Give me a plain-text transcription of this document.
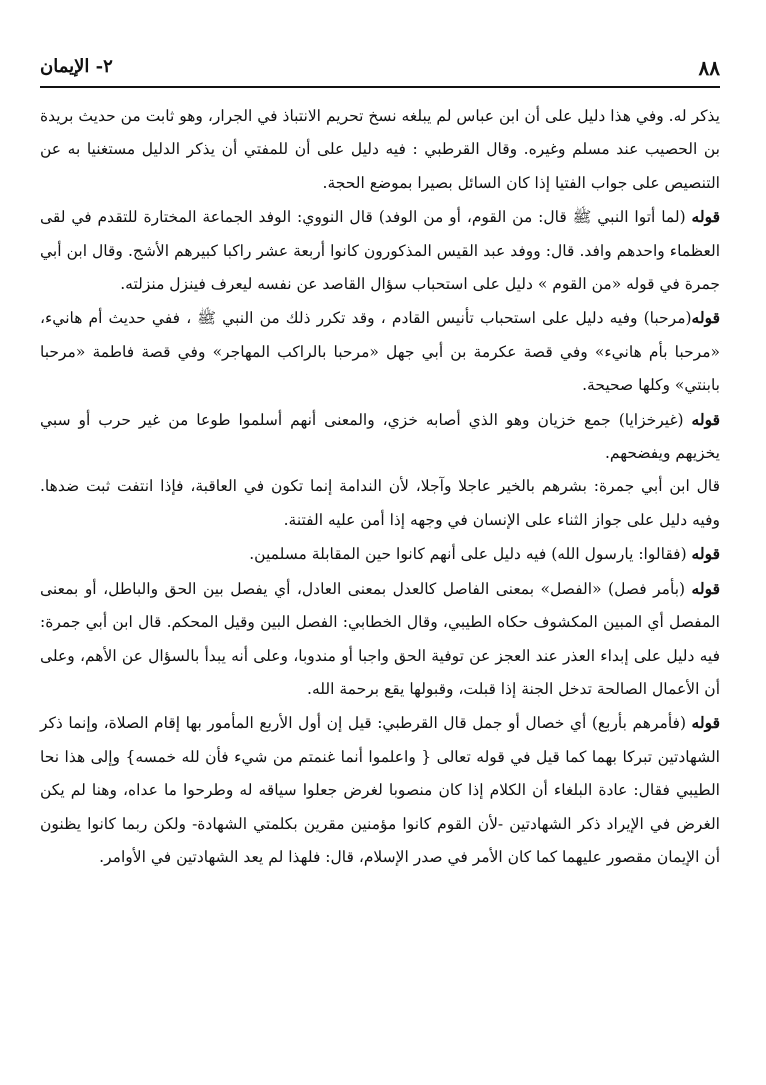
٨٨
٢- الإيمان

يذكر له. وفي هذا دليل على أن ابن عباس لم يبلغه نسخ تحريم الانتباذ في الجرار، وهو ثابت من حديث بريدة بن الحصيب عند مسلم وغيره. وقال القرطبي : فيه دليل على أن للمفتي أن يذكر الدليل مستغنيا به عن التنصيص على جواب الفتيا إذا كان السائل بصيرا بموضع الحجة.

قوله (لما أتوا النبي ﷺ قال: من القوم، أو من الوفد) قال النووي: الوفد الجماعة المختارة للتقدم في لقى العظماء واحدهم وافد. قال: ووفد عبد القيس المذكورون كانوا أربعة عشر راكبا كبيرهم الأشج. وقال ابن أبي جمرة في قوله «من القوم » دليل على استحباب سؤال القاصد عن نفسه ليعرف فينزل منزلته.

قوله(مرحبا) وفيه دليل على استحباب تأنيس القادم ، وقد تكرر ذلك من النبي ﷺ ، ففي حديث أم هانيء، «مرحبا بأم هانيء» وفي قصة عكرمة بن أبي جهل «مرحبا بالراكب المهاجر» وفي قصة فاطمة «مرحبا بابنتي» وكلها صحيحة.

قوله (غيرخزايا) جمع خزيان وهو الذي أصابه خزي، والمعنى أنهم أسلموا طوعا من غير حرب أو سبي يخزيهم ويفضحهم.

قال ابن أبي جمرة: بشرهم بالخير عاجلا وآجلا، لأن الندامة إنما تكون في العاقبة، فإذا انتفت ثبت ضدها. وفيه دليل على جواز الثناء على الإنسان في وجهه إذا أمن عليه الفتنة.

قوله (فقالوا: يارسول الله) فيه دليل على أنهم كانوا حين المقابلة مسلمين.

قوله (بأمر فصل) «الفصل» بمعنى الفاصل كالعدل بمعنى العادل، أي يفصل بين الحق والباطل، أو بمعنى المفصل أي المبين المكشوف حكاه الطيبي، وقال الخطابي: الفصل البين وقيل المحكم. قال ابن أبي جمرة: فيه دليل على إبداء العذر عند العجز عن توفية الحق واجبا أو مندوبا، وعلى أنه يبدأ بالسؤال عن الأهم، وعلى أن الأعمال الصالحة تدخل الجنة إذا قبلت، وقبولها يقع برحمة الله.

قوله (فأمرهم بأربع) أي خصال أو جمل قال القرطبي: قيل إن أول الأربع المأمور بها إقام الصلاة، وإنما ذكر الشهادتين تبركا بهما كما قيل في قوله تعالى { واعلموا أنما غنمتم من شيء فأن لله خمسه} وإلى هذا نحا الطيبي فقال: عادة البلغاء أن الكلام إذا كان منصوبا لغرض جعلوا سياقه له وطرحوا ما عداه، وهنا لم يكن الغرض في الإيراد ذكر الشهادتين -لأن القوم كانوا مؤمنين مقرين بكلمتي الشهادة- ولكن ربما كانوا يظنون أن الإيمان مقصور عليهما كما كان الأمر في صدر الإسلام، قال: فلهذا لم يعد الشهادتين في الأوامر.
